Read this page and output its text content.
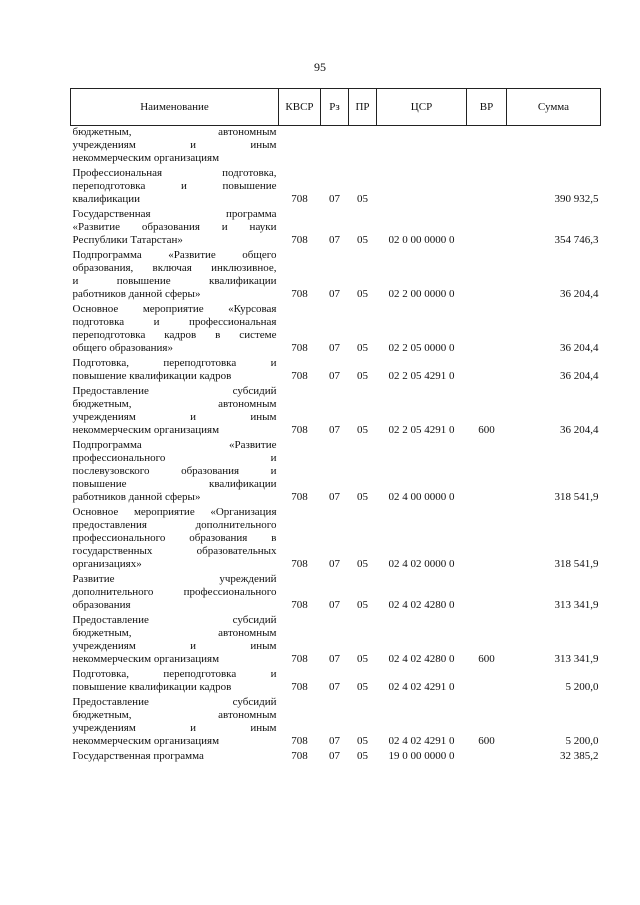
95
Наименование	КВСР	Рз	ПР	ЦСР	ВР	Сумма

бюджетным, автономным
учреждениям и иным
некоммерческим организациям						

Профессиональная подготовка,
переподготовка и повышение
квалификации	708	07	05			390 932,5

Государственная программа
«Развитие образования и науки
Республики Татарстан»	708	07	05	02 0 00 0000 0		354 746,3

Подпрограмма «Развитие общего
образования, включая инклюзивное,
и повышение квалификации
работников данной сферы»	708	07	05	02 2 00 0000 0		36 204,4

Основное мероприятие «Курсовая
подготовка и профессиональная
переподготовка кадров в системе
общего образования»	708	07	05	02 2 05 0000 0		36 204,4

Подготовка, переподготовка и
повышение квалификации кадров	708	07	05	02 2 05 4291 0		36 204,4

Предоставление субсидий
бюджетным, автономным
учреждениям и иным
некоммерческим организациям	708	07	05	02 2 05 4291 0	600	36 204,4

Подпрограмма «Развитие
профессионального и
послевузовского образования и
повышение квалификации
работников данной сферы»	708	07	05	02 4 00 0000 0		318 541,9

Основное мероприятие «Организация
предоставления дополнительного
профессионального образования в
государственных образовательных
организациях»	708	07	05	02 4 02 0000 0		318 541,9

Развитие учреждений
дополнительного профессионального
образования	708	07	05	02 4 02 4280 0		313 341,9

Предоставление субсидий
бюджетным, автономным
учреждениям и иным
некоммерческим организациям	708	07	05	02 4 02 4280 0	600	313 341,9

Подготовка, переподготовка и
повышение квалификации кадров	708	07	05	02 4 02 4291 0		5 200,0

Предоставление субсидий
бюджетным, автономным
учреждениям и иным
некоммерческим организациям	708	07	05	02 4 02 4291 0	600	5 200,0

Государственная программа	708	07	05	19 0 00 0000 0		32 385,2
